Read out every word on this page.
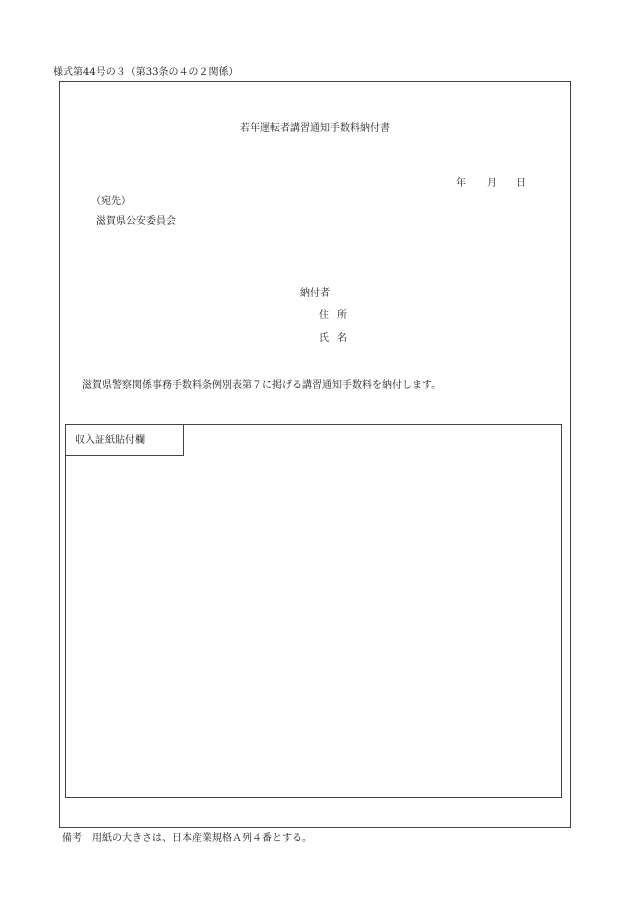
様式第44号の３（第33条の４の２関係）
若年運転者講習通知手数料納付書
年 月 日
（宛先）
滋賀県公安委員会
納付者
住所
氏名
滋賀県警察関係事務手数料条例別表第７に掲げる講習通知手数料を納付します。
収入証紙貼付欄
備考　用紙の大きさは、日本産業規格Ａ列４番とする。
